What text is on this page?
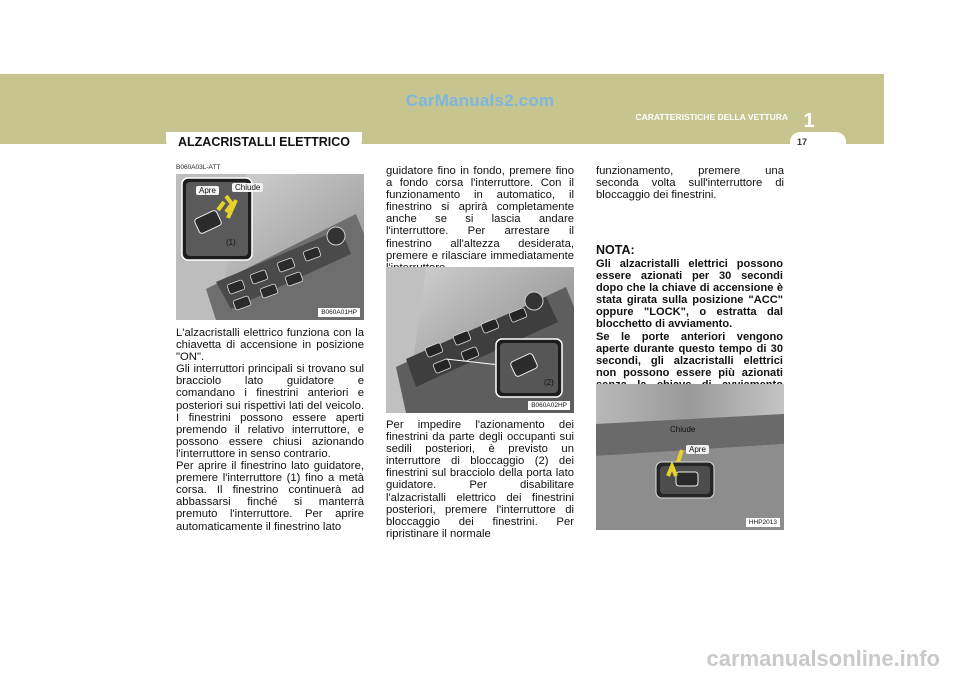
CarManuals2.com
CARATTERISTICHE DELLA VETTURA 1
17
ALZACRISTALLI ELETTRICO
B060A03L-ATT
Apre	Chiude
(1)
B060A01HP

L'alzacristalli elettrico funziona con la chiavetta di accensione in posizione "ON".

Gli interruttori principali si trovano sul bracciolo lato guidatore e comandano i finestrini anteriori e posteriori sui rispettivi lati del veicolo. I finestrini possono essere aperti premendo il relativo interruttore, e possono essere chiusi azionando l'interruttore in senso contrario.

Per aprire il finestrino lato guidatore, premere l'interruttore (1) fino a metà corsa. Il finestrino continuerà ad abbassarsi finché si manterrà premuto l'interruttore. Per aprire automaticamente il finestrino lato

guidatore fino in fondo, premere fino a fondo corsa l'interruttore. Con il funzionamento in automatico, il finestrino si aprirà completamente anche se si lascia andare l'interruttore. Per arrestare il finestrino all'altezza desiderata, premere e rilasciare immediatamente

(2)
B060A02HP

Per impedire l'azionamento dei finestrini da parte degli occupanti sui sedili posteriori, è previsto un interruttore di bloccaggio (2) dei finestrini sul bracciolo della porta lato guidatore. Per disabilitare l'alzacristalli elettrico dei finestrini posteriori, premere l'interruttore di bloccaggio dei finestrini. Per ripristinare il normale

funzionamento, premere una seconda volta sull'interruttore di bloccaggio dei finestrini.

NOTA:

Gli alzacristalli elettrici possono essere azionati per 30 secondi dopo che la chiave di accensione è stata girata sulla posizione "ACC" oppure "LOCK", o estratta dal blocchetto di avviamento.

Se le porte anteriori vengono aperte durante questo tempo di 30 secondi, gli alzacristalli elettrici non possono essere più azionati

Chiude
Apre
HHP2013
carmanualsonline.info
